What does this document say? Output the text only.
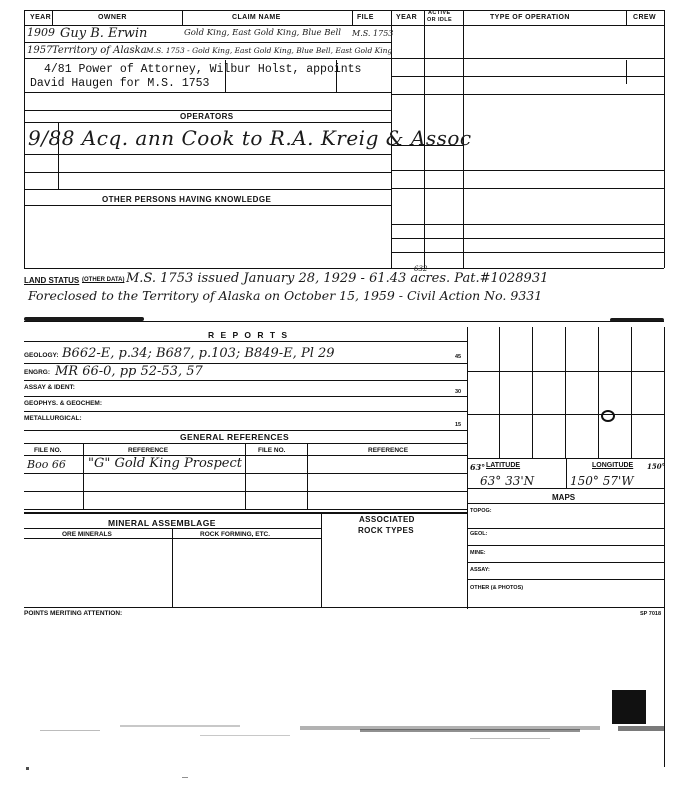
YEAR	OWNER	CLAIM NAME	FILE	YEAR
ACTIVE
OR IDLE	TYPE OF OPERATION	CREW
1909 Guy B. Erwin	Gold King, East Gold King, Blue Bell M.S. 1753
1957 Territory of Alaska M.S. 1753 - Gold King, East Gold King, Blue Bell, East Gold King
4/81 Power of Attorney, Wilbur Holst, appoints
David Haugen for M.S. 1753
OPERATORS
9/88 Acq. ann Cook to R.A. Kreig & Assoc
OTHER PERSONS HAVING KNOWLEDGE
LAND STATUS (OTHER DATA)
632
M.S. 1753 issued January 28, 1929 - 61.43 acres. Pat.#1028931
Foreclosed to the Territory of Alaska on October 15, 1959 - Civil Action No. 9331
R E P O R T S
GEOLOGY: B662-E, p.34; B687, p.103; B849-E, Pl 29	45
ENGRG: MR 66-0, pp 52-53, 57
ASSAY & IDENT:
30
GEOPHYS. & GEOCHEM:
METALLURGICAL:
15
GENERAL REFERENCES
FILE NO.	REFERENCE	FILE NO.	REFERENCE
Boo 66 "G" Gold King Prospect	63° LATITUDE	LONGITUDE 150°
63° 33'N	150° 57'W
MAPS
TOPOG:
GEOL:
MINE:
ASSAY:
OTHER (& PHOTOS)
MINERAL ASSEMBLAGE	ASSOCIATED
ROCK TYPES
ORE MINERALS	ROCK FORMING, ETC.
POINTS MERITING ATTENTION:	SP 7018
